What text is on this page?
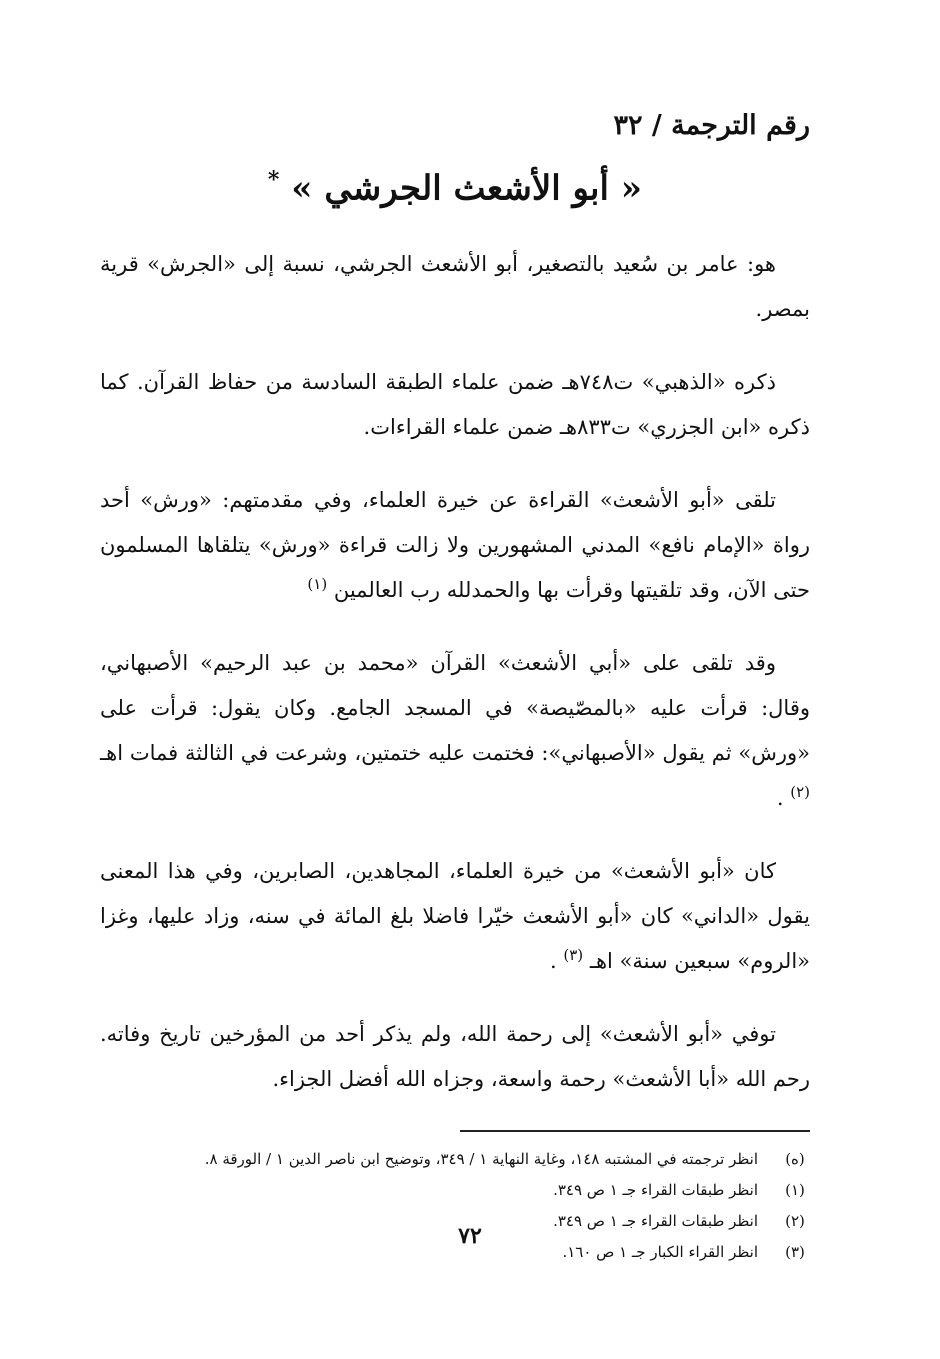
رقم الترجمة / ٣٢
« أبو الأشعث الجرشي » *

هو: عامر بن سُعيد بالتصغير، أبو الأشعث الجرشي، نسبة إلى «الجرش» قرية بمصر.

ذكره «الذهبي» ت٧٤٨هـ ضمن علماء الطبقة السادسة من حفاظ القرآن. كما ذكره «ابن الجزري» ت٨٣٣هـ ضمن علماء القراءات.

تلقى «أبو الأشعث» القراءة عن خيرة العلماء، وفي مقدمتهم: «ورش» أحد رواة «الإمام نافع» المدني المشهورين ولا زالت قراءة «ورش» يتلقاها المسلمون حتى الآن، وقد تلقيتها وقرأت بها والحمدلله رب العالمين $^{(١)}$

وقد تلقى على «أبي الأشعث» القرآن «محمد بن عبد الرحيم» الأصبهاني، وقال: قرأت عليه «بالمصّيصة» في المسجد الجامع. وكان يقول: قرأت على «ورش» ثم يقول «الأصبهاني»: فختمت عليه ختمتين، وشرعت في الثالثة فمات اهـ $^{(٢)}$ .

كان «أبو الأشعث» من خيرة العلماء، المجاهدين، الصابرين، وفي هذا المعنى يقول «الداني» كان «أبو الأشعث خيّرا فاضلا بلغ المائة في سنه، وزاد عليها، وغزا «الروم» سبعين سنة» اهـ $^{(٣)}$ .

توفي «أبو الأشعث» إلى رحمة الله، ولم يذكر أحد من المؤرخين تاريخ وفاته. رحم الله «أبا الأشعث» رحمة واسعة، وجزاه الله أفضل الجزاء.

(ه)
انظر ترجمته في المشتبه ١٤٨، وغاية النهاية ١ / ٣٤٩، وتوضيح ابن ناصر الدين ١ / الورقة ٨.
(١)
انظر طبقات القراء جـ ١ ص ٣٤٩.
(٢)
انظر طبقات القراء جـ ١ ص ٣٤٩.
(٣)
انظر القراء الكبار جـ ١ ص ١٦٠.
٧٢
